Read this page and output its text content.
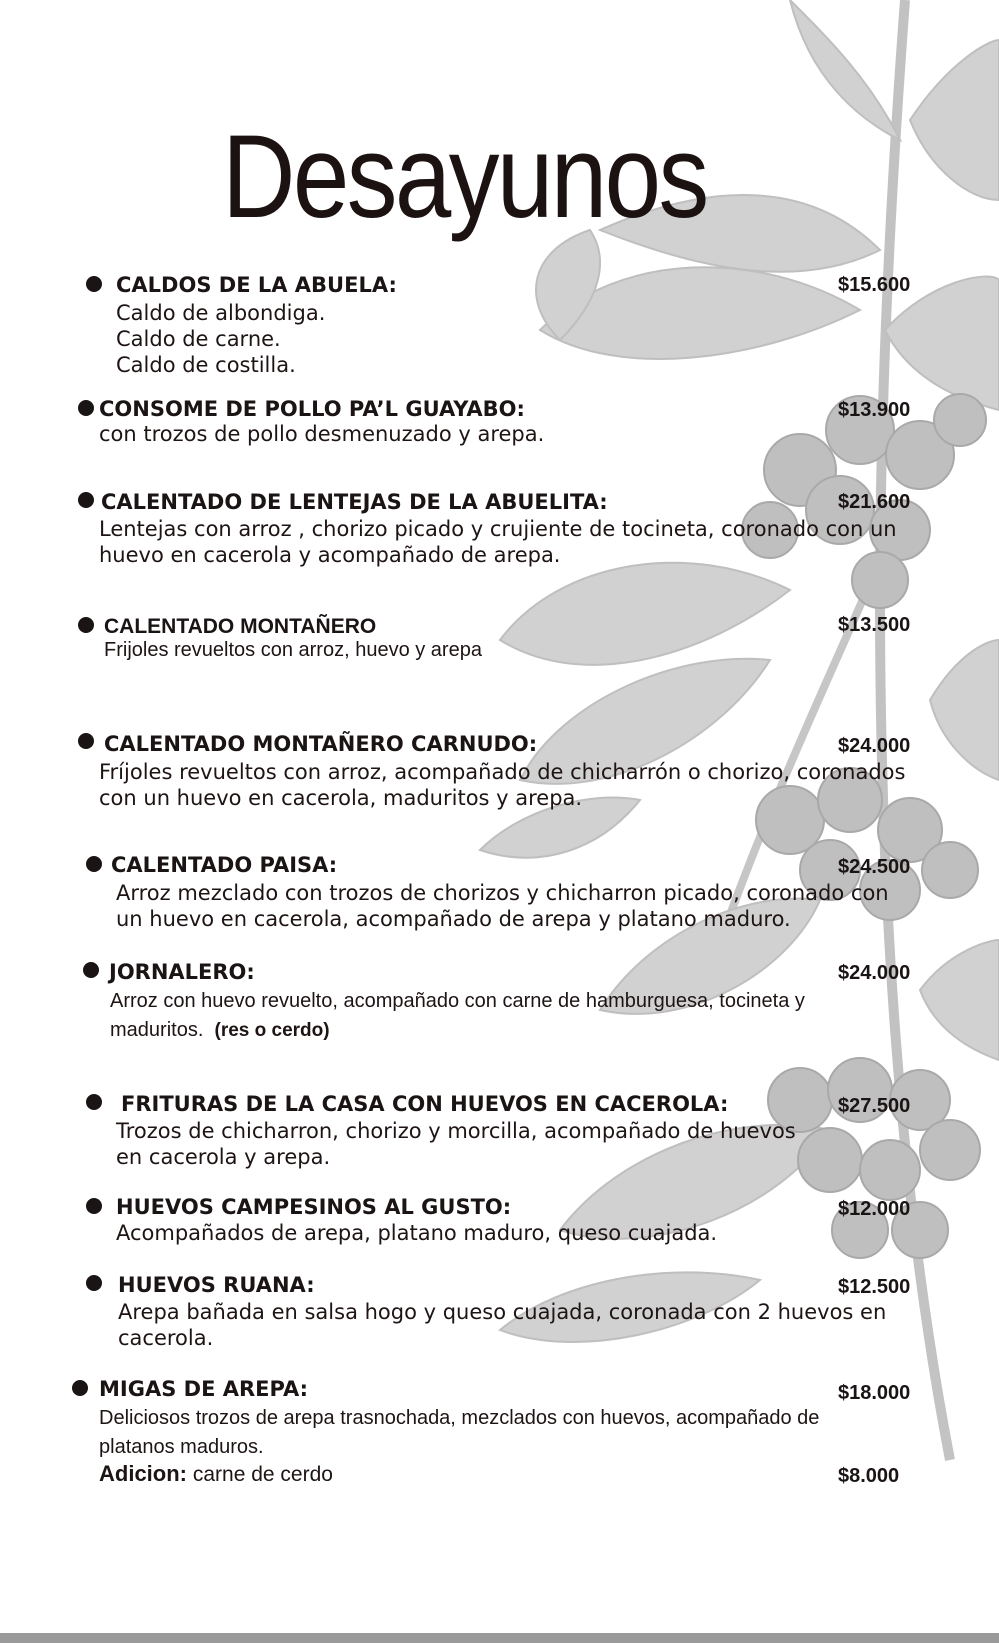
Desayunos
CALDOS DE LA ABUELA:	$15.600
Caldo de albondiga.
Caldo de carne.
Caldo de costilla.
CONSOME DE POLLO PA’L GUAYABO:	$13.900
con trozos de pollo desmenuzado y arepa.
CALENTADO DE LENTEJAS DE LA ABUELITA:	$21.600
Lentejas con arroz , chorizo picado y crujiente de tocineta, coronado con un
huevo en cacerola y acompañado de arepa.
CALENTADO MONTAÑERO	$13.500
Frijoles revueltos con arroz, huevo y arepa
CALENTADO MONTAÑERO CARNUDO:	$24.000
Fríjoles revueltos con arroz, acompañado de chicharrón o chorizo, coronados
con un huevo en cacerola, maduritos y arepa.
CALENTADO PAISA:	$24.500
Arroz mezclado con trozos de chorizos y chicharron picado, coronado con
un huevo en cacerola, acompañado de arepa y platano maduro.
JORNALERO:	$24.000
Arroz con huevo revuelto, acompañado con carne de hamburguesa, tocineta y
maduritos. (res o cerdo)
FRITURAS DE LA CASA CON HUEVOS EN CACEROLA:	$27.500
Trozos de chicharron, chorizo y morcilla, acompañado de huevos
en cacerola y arepa.
HUEVOS CAMPESINOS AL GUSTO:	$12.000
Acompañados de arepa, platano maduro, queso cuajada.
HUEVOS RUANA:	$12.500
Arepa bañada en salsa hogo y queso cuajada, coronada con 2 huevos en
cacerola.
MIGAS DE AREPA:	$18.000
Deliciosos trozos de arepa trasnochada, mezclados con huevos, acompañado de
platanos maduros.
Adicion: carne de cerdo	$8.000
